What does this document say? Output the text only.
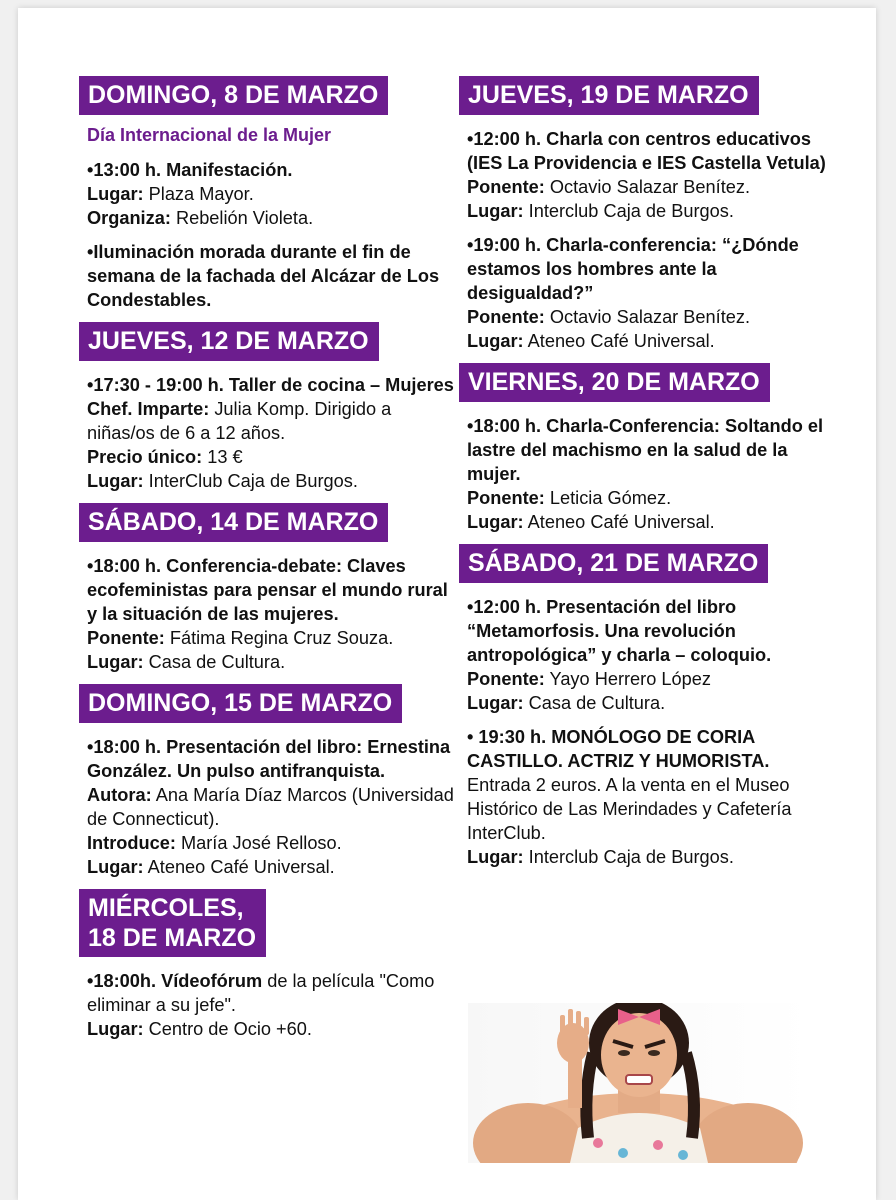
DOMINGO, 8 DE MARZO
Día Internacional de la Mujer
•13:00 h. Manifestación.
Lugar: Plaza Mayor.
Organiza: Rebelión Violeta.
•Iluminación morada durante el fin de semana de la fachada del Alcázar de Los Condestables.
JUEVES, 12 DE MARZO
•17:30 - 19:00 h. Taller de cocina – Mujeres Chef. Imparte: Julia Komp. Dirigido a niñas/os de 6 a 12 años.
Precio único: 13 €
Lugar: InterClub Caja de Burgos.
SÁBADO, 14 DE MARZO
•18:00 h. Conferencia-debate: Claves ecofeministas para pensar el mundo rural y la situación de las mujeres.
Ponente: Fátima Regina Cruz Souza.
Lugar: Casa de Cultura.
DOMINGO, 15 DE MARZO
•18:00 h. Presentación del libro: Ernestina González. Un pulso antifranquista.
Autora: Ana María Díaz Marcos (Universidad de Connecticut).
Introduce: María José Relloso.
Lugar: Ateneo Café Universal.
MIÉRCOLES,
18 DE MARZO
•18:00h. Vídeofórum de la película "Como eliminar a su jefe".
Lugar: Centro de Ocio +60.
JUEVES, 19 DE MARZO
•12:00 h. Charla con centros educativos (IES La Providencia e IES Castella Vetula)
Ponente: Octavio Salazar Benítez.
Lugar: Interclub Caja de Burgos.
•19:00 h. Charla-conferencia: “¿Dónde estamos los hombres ante la desigualdad?”
Ponente: Octavio Salazar Benítez.
Lugar: Ateneo Café Universal.
VIERNES, 20 DE MARZO
•18:00 h. Charla-Conferencia: Soltando el lastre del machismo en la salud de la mujer.
Ponente: Leticia Gómez.
Lugar: Ateneo Café Universal.
SÁBADO, 21 DE MARZO
•12:00 h. Presentación del libro “Metamorfosis. Una revolución antropológica” y charla – coloquio.
Ponente: Yayo Herrero López
Lugar: Casa de Cultura.
• 19:30 h. MONÓLOGO DE CORIA CASTILLO. ACTRIZ Y HUMORISTA.
Entrada 2 euros. A la venta en el Museo Histórico de Las Merindades y Cafetería InterClub.
Lugar: Interclub Caja de Burgos.
